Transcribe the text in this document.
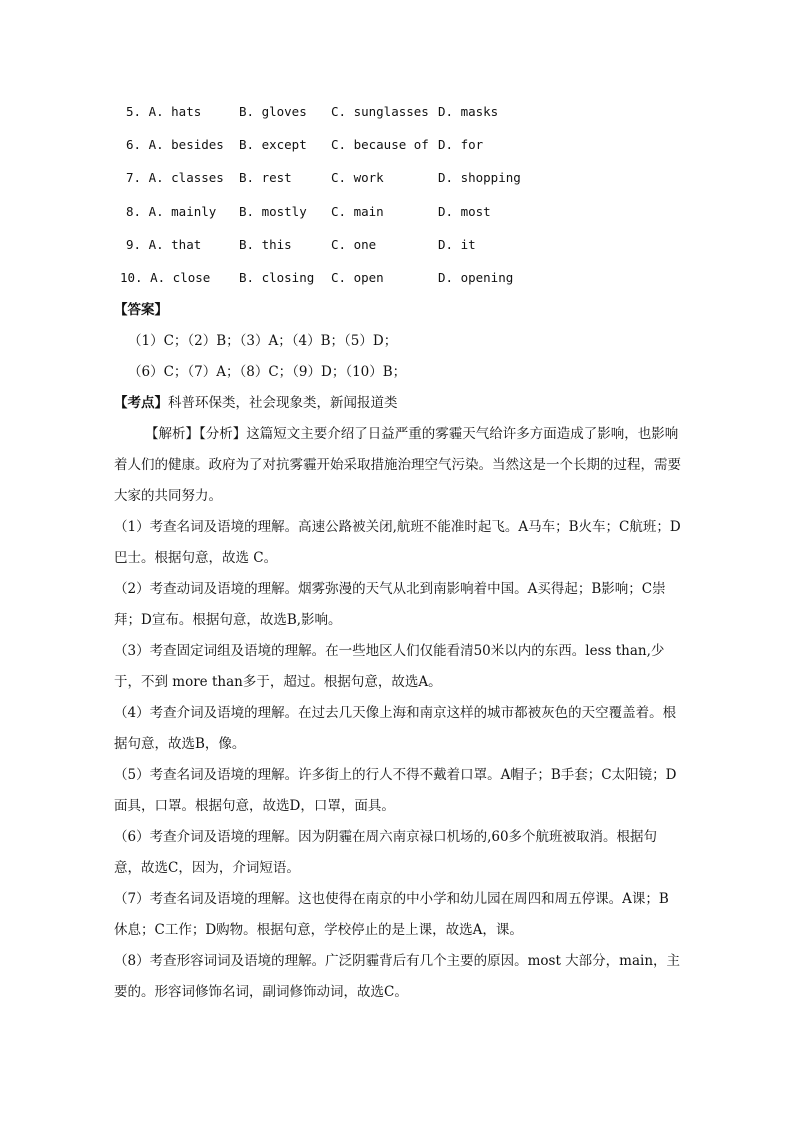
5. A. hats	B. gloves C. sunglasses D. masks
6. A. besides B. except C. because of D. for
7. A. classes B. rest	C. work	D. shopping
8. A. mainly B. mostly C. main	D. most
9. A. that	B. this	C. one	D. it
10. A. close B. closing C. open	D. opening

【答案】

（1）C；（2）B；（3）A；（4）B；（5）D；

（6）C；（7）A；（8）C；（9）D；（10）B；

【考点】科普环保类，社会现象类，新闻报道类

【解析】【分析】这篇短文主要介绍了日益严重的雾霾天气给许多方面造成了影响，也影响着人们的健康。政府为了对抗雾霾开始采取措施治理空气污染。当然这是一个长期的过程，需要大家的共同努力。

（1）考查名词及语境的理解。高速公路被关闭,航班不能准时起飞。A马车；B火车；C航班；D巴士。根据句意，故选 C。

（2）考查动词及语境的理解。烟雾弥漫的天气从北到南影响着中国。A买得起；B影响；C崇拜；D宣布。根据句意，故选B,影响。

（3）考查固定词组及语境的理解。在一些地区人们仅能看清50米以内的东西。less than,少于，不到 more than多于，超过。根据句意，故选A。

（4）考查介词及语境的理解。在过去几天像上海和南京这样的城市都被灰色的天空覆盖着。根据句意，故选B，像。

（5）考查名词及语境的理解。许多街上的行人不得不戴着口罩。A帽子；B手套；C太阳镜；D面具，口罩。根据句意，故选D，口罩，面具。

（6）考查介词及语境的理解。因为阴霾在周六南京禄口机场的,60多个航班被取消。根据句意，故选C，因为，介词短语。

（7）考查名词及语境的理解。这也使得在南京的中小学和幼儿园在周四和周五停课。A课；B休息；C工作；D购物。根据句意，学校停止的是上课，故选A，课。

（8）考查形容词词及语境的理解。广泛阴霾背后有几个主要的原因。most 大部分，main，主要的。形容词修饰名词，副词修饰动词，故选C。
